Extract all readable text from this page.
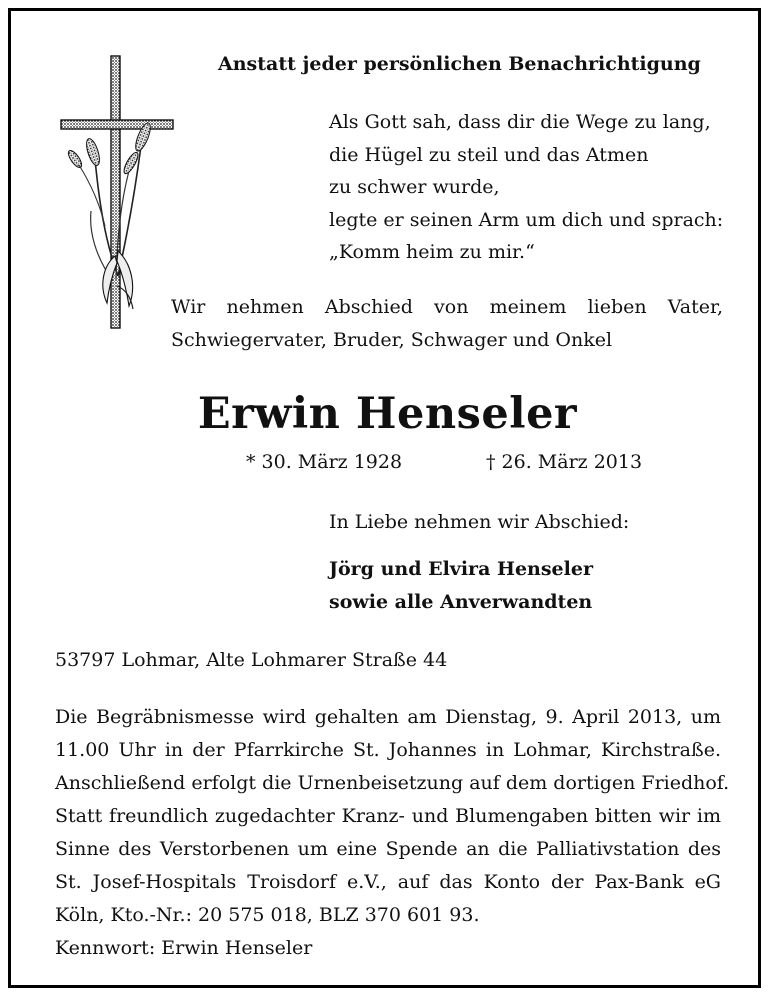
Anstatt jeder persönlichen Benachrichtigung

Als Gott sah, dass dir die Wege zu lang,
die Hügel zu steil und das Atmen
zu schwer wurde,
legte er seinen Arm um dich und sprach:
„Komm heim zu mir.“
Wir nehmen Abschied von meinem lieben Vater,
Schwiegervater, Bruder, Schwager und Onkel
Erwin Henseler
* 30. März 1928	† 26. März 2013
In Liebe nehmen wir Abschied:
Jörg und Elvira Henseler
sowie alle Anverwandten
53797 Lohmar, Alte Lohmarer Straße 44
Die Begräbnismesse wird gehalten am Dienstag, 9. April 2013, um
11.00 Uhr in der Pfarrkirche St. Johannes in Lohmar, Kirchstraße.
Anschließend erfolgt die Urnenbeisetzung auf dem dortigen Friedhof.
Statt freundlich zugedachter Kranz- und Blumengaben bitten wir im
Sinne des Verstorbenen um eine Spende an die Palliativstation des
St. Josef-Hospitals Troisdorf e.V., auf das Konto der Pax-Bank eG
Köln, Kto.-Nr.: 20 575 018, BLZ 370 601 93.
Kennwort: Erwin Henseler
